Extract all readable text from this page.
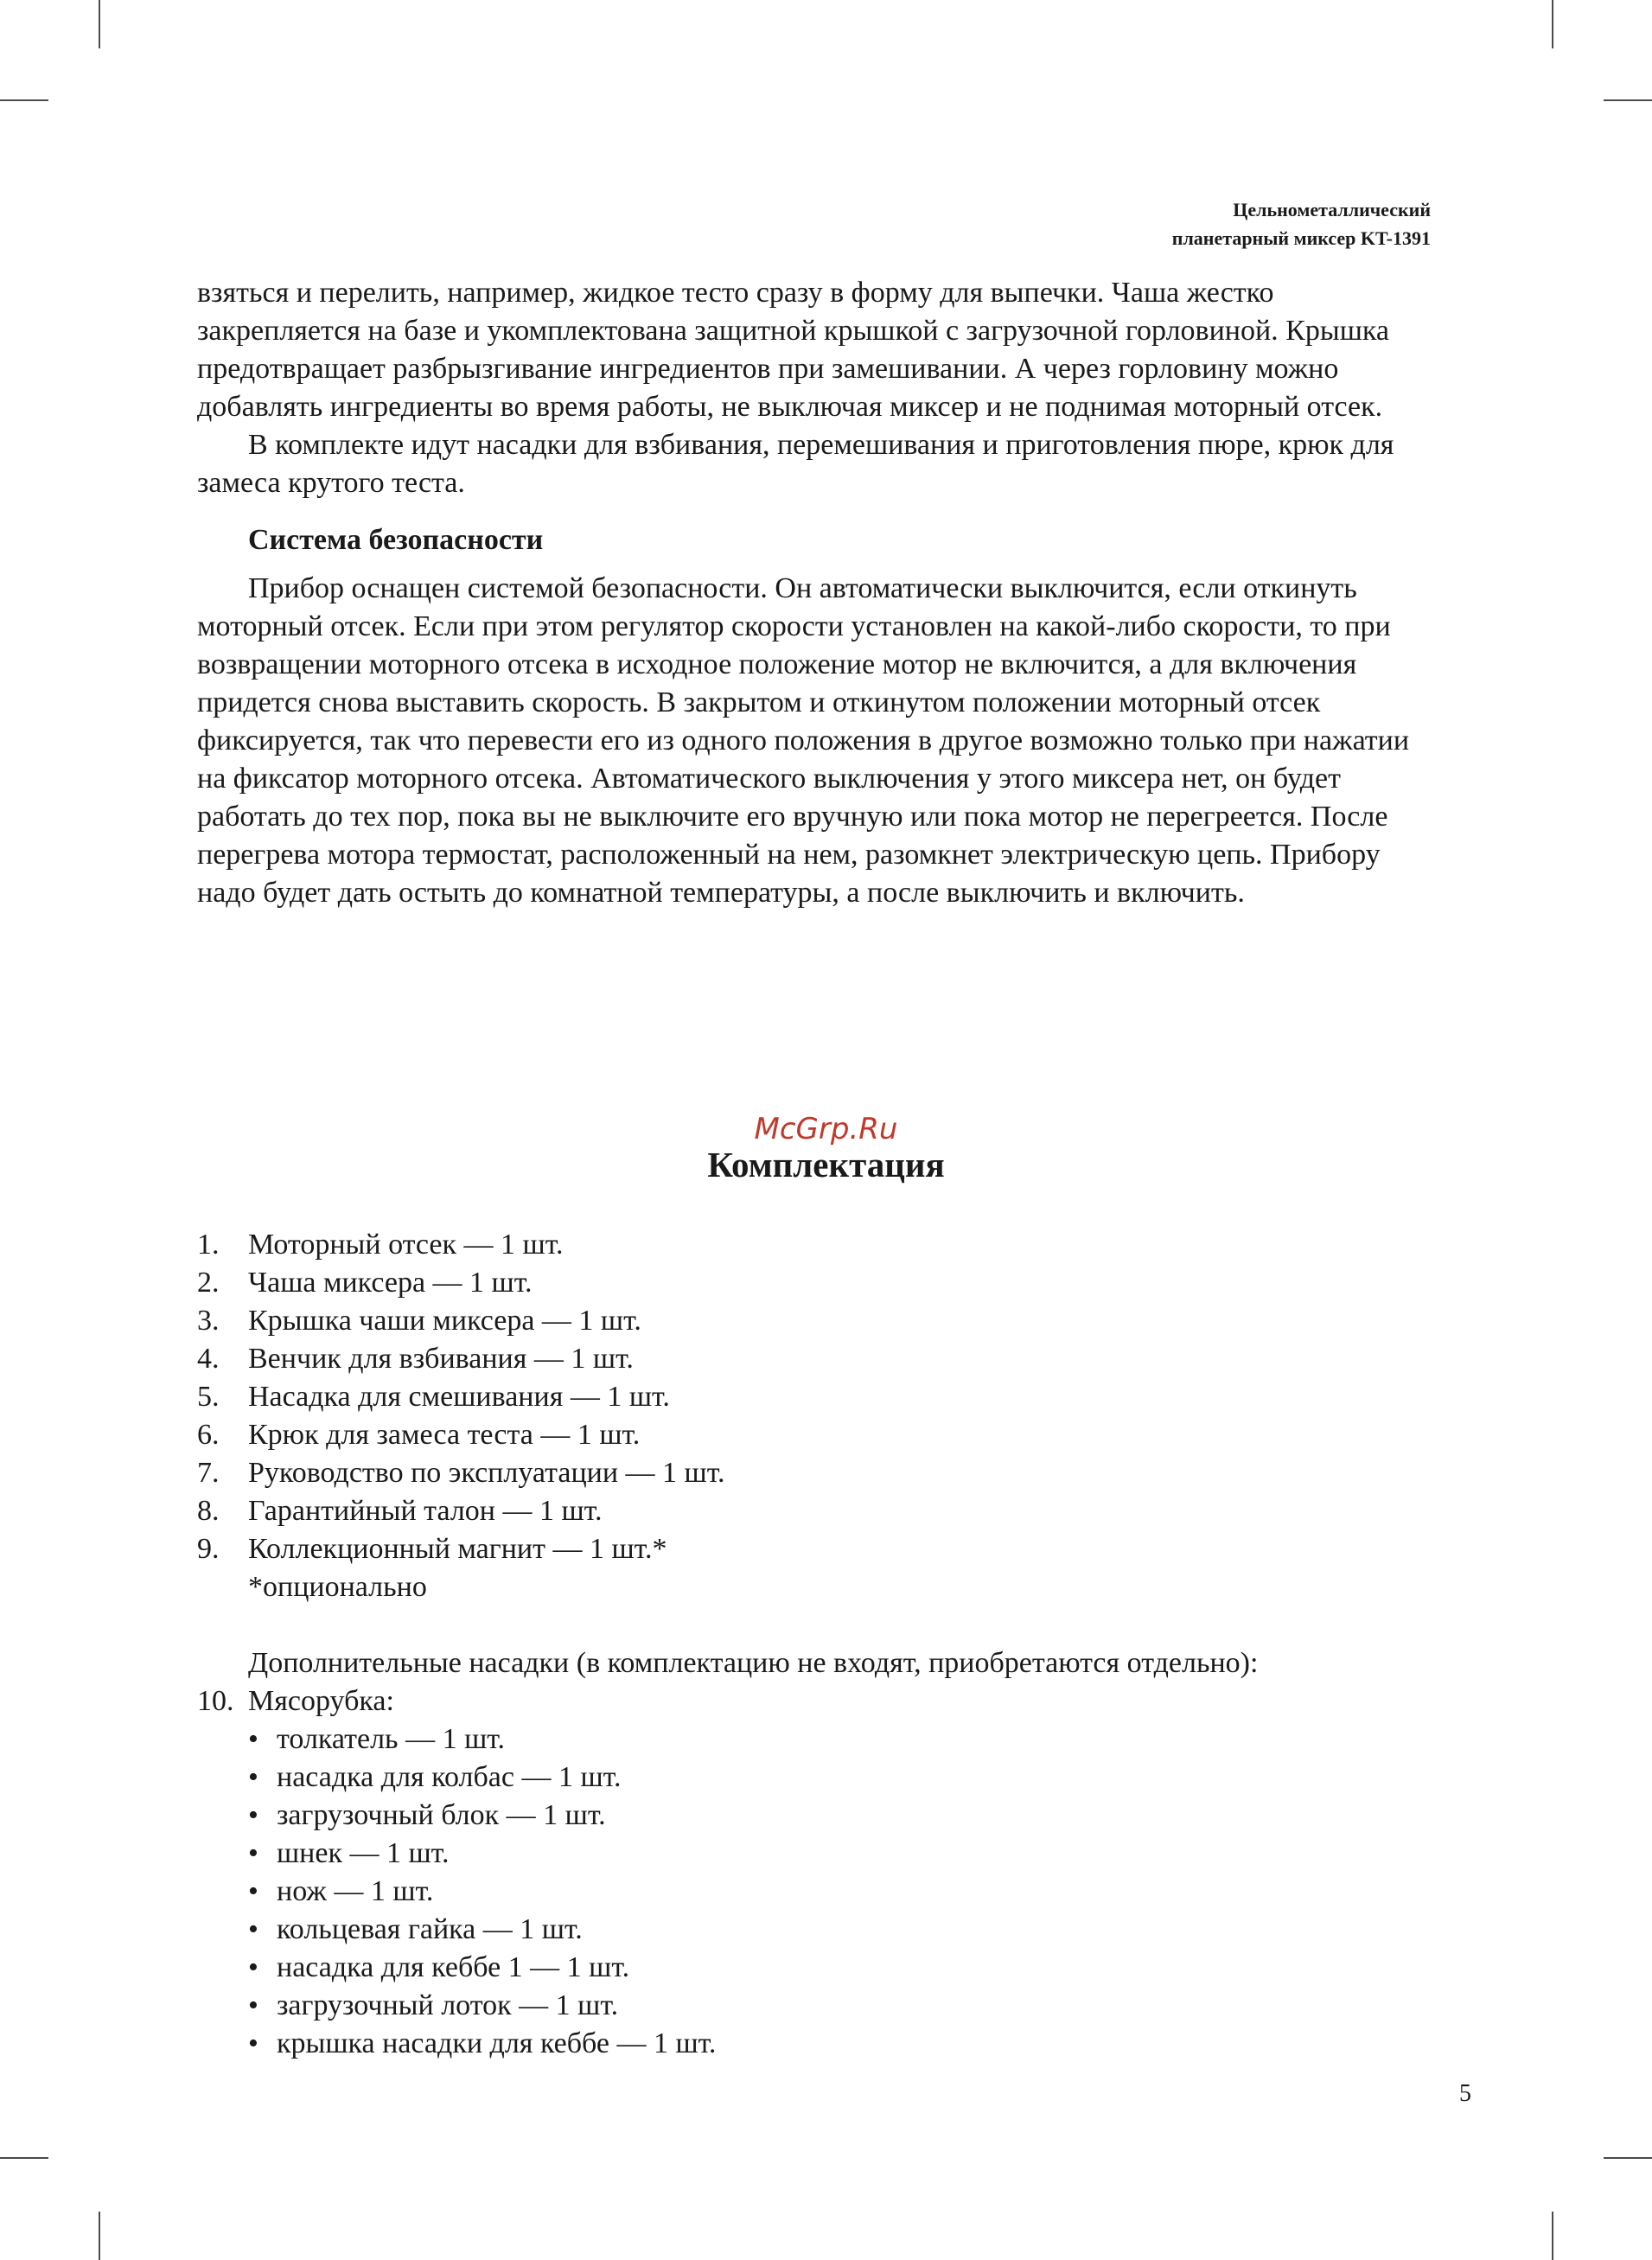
Цельнометаллический
планетарный миксер KT-1391

взяться и перелить, например, жидкое тесто сразу в форму для выпечки. Чаша жестко закрепляется на базе и укомплектована защитной крышкой с загрузочной горловиной. Крышка предотвращает разбрызгивание ингредиентов при замешивании. А через горловину можно добавлять ингредиенты во время работы, не выключая миксер и не поднимая моторный отсек.

В комплекте идут насадки для взбивания, перемешивания и приготовления пюре, крюк для замеса крутого теста.

Система безопасности

Прибор оснащен системой безопасности. Он автоматически выключится, если откинуть моторный отсек. Если при этом регулятор скорости установлен на какой-либо скорости, то при возвращении моторного отсека в исходное положение мотор не включится, а для включения придется снова выставить скорость. В закрытом и откинутом положении моторный отсек фиксируется, так что перевести его из одного положения в другое возможно только при нажатии на фиксатор моторного отсека. Автоматического выключения у этого миксера нет, он будет работать до тех пор, пока вы не выключите его вручную или пока мотор не перегреется. После перегрева мотора термостат, расположенный на нем, разомкнет электрическую цепь. Прибору надо будет дать остыть до комнатной температуры, а после выключить и включить.

McGrp.Ru
Комплектация
1. Моторный отсек — 1 шт.
2. Чаша миксера — 1 шт.
3. Крышка чаши миксера — 1 шт.
4. Венчик для взбивания — 1 шт.
5. Насадка для смешивания — 1 шт.
6. Крюк для замеса теста — 1 шт.
7. Руководство по эксплуатации — 1 шт.
8. Гарантийный талон — 1 шт.
9. Коллекционный магнит — 1 шт.*
*опционально
Дополнительные насадки (в комплектацию не входят, приобретаются отдельно):
10. Мясорубка:
• толкатель — 1 шт.
• насадка для колбас — 1 шт.
• загрузочный блок — 1 шт.
• шнек — 1 шт.
• нож — 1 шт.
• кольцевая гайка — 1 шт.
• насадка для кеббе 1 — 1 шт.
• загрузочный лоток — 1 шт.
• крышка насадки для кеббе — 1 шт.
5
